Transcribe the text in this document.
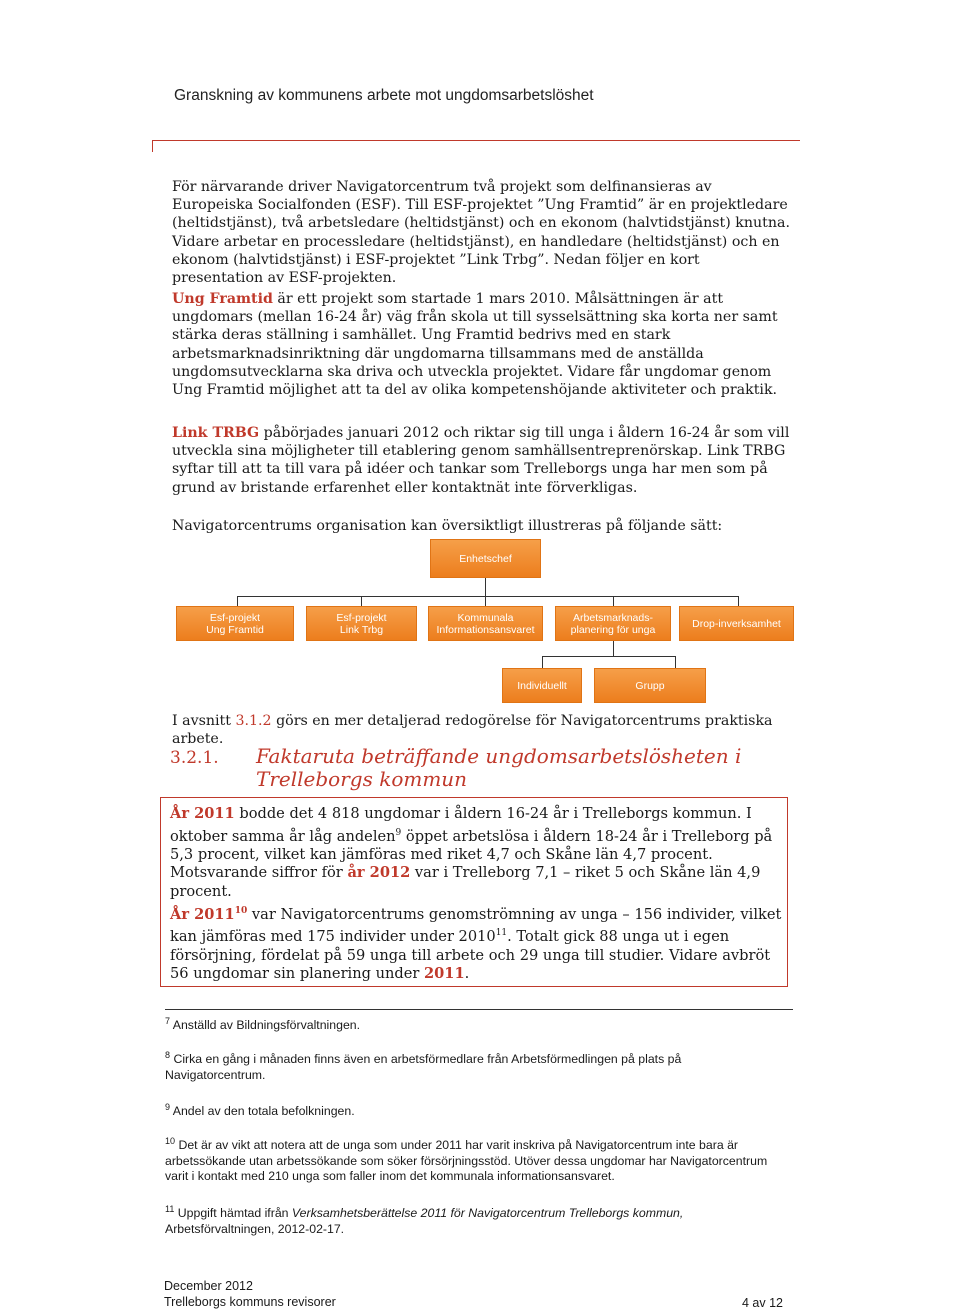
Granskning av kommunens arbete mot ungdomsarbetslöshet
För närvarande driver Navigatorcentrum två projekt som delfinansieras av Europeiska Socialfonden (ESF). Till ESF-projektet ”Ung Framtid” är en projektledare (heltidstjänst), två arbetsledare (heltidstjänst) och en ekonom (halvtidstjänst) knutna. Vidare arbetar en processledare (heltidstjänst), en handledare (heltidstjänst) och en ekonom (halvtidstjänst) i ESF-projektet ”Link Trbg”. Nedan följer en kort presentation av ESF-projekten.
Ung Framtid är ett projekt som startade 1 mars 2010. Målsättningen är att ungdomars (mellan 16-24 år) väg från skola ut till sysselsättning ska korta ner samt stärka deras ställning i samhället. Ung Framtid bedrivs med en stark arbetsmarknadsinriktning där ungdomarna tillsammans med de anställda ungdomsutvecklarna ska driva och utveckla projektet. Vidare får ungdomar genom Ung Framtid möjlighet att ta del av olika kompetenshöjande aktiviteter och praktik.
Link TRBG påbörjades januari 2012 och riktar sig till unga i åldern 16-24 år som vill utveckla sina möjligheter till etablering genom samhällsentreprenörskap. Link TRBG syftar till att ta till vara på idéer och tankar som Trelleborgs unga har men som på grund av bristande erfarenhet eller kontaktnät inte förverkligas.
Navigatorcentrums organisation kan översiktligt illustreras på följande sätt:
Enhetschef
Esf-projekt
Ung Framtid
Esf-projekt
Link Trbg
Kommunala
Informationsansvaret
Arbetsmarknads-
planering för unga	Drop-inverksamhet
Individuellt	Grupp
I avsnitt 3.1.2 görs en mer detaljerad redogörelse för Navigatorcentrums praktiska arbete.
3.2.1. Faktaruta beträffande ungdomsarbetslösheten i Trelleborgs kommun
År 2011 bodde det 4 818 ungdomar i åldern 16-24 år i Trelleborgs kommun. I oktober samma år låg andelen$^9$ öppet arbetslösa i åldern 18-24 år i Trelleborg på 5,3 procent, vilket kan jämföras med riket 4,7 och Skåne län 4,7 procent. Motsvarande siffror för år 2012 var i Trelleborg 7,1 – riket 5 och Skåne län 4,9 procent.
År 2011$^{10}$ var Navigatorcentrums genomströmning av unga – 156 individer, vilket kan jämföras med 175 individer under 2010$^{11}$. Totalt gick 88 unga ut i egen försörjning, fördelat på 59 unga till arbete och 29 unga till studier. Vidare avbröt 56 ungdomar sin planering under 2011.
$^7$ Anställd av Bildningsförvaltningen.
$^8$ Cirka en gång i månaden finns även en arbetsförmedlare från Arbetsförmedlingen på plats på Navigatorcentrum.
$^9$ Andel av den totala befolkningen.
$^{10}$ Det är av vikt att notera att de unga som under 2011 har varit inskriva på Navigatorcentrum inte bara är arbetssökande utan arbetssökande som söker försörjningsstöd. Utöver dessa ungdomar har Navigatorcentrum varit i kontakt med 210 unga som faller inom det kommunala informationsansvaret.
$^{11}$ Uppgift hämtad ifrån Verksamhetsberättelse 2011 för Navigatorcentrum Trelleborgs kommun, Arbetsförvaltningen, 2012-02-17.
December 2012
Trelleborgs kommuns revisorer	4 av 12
